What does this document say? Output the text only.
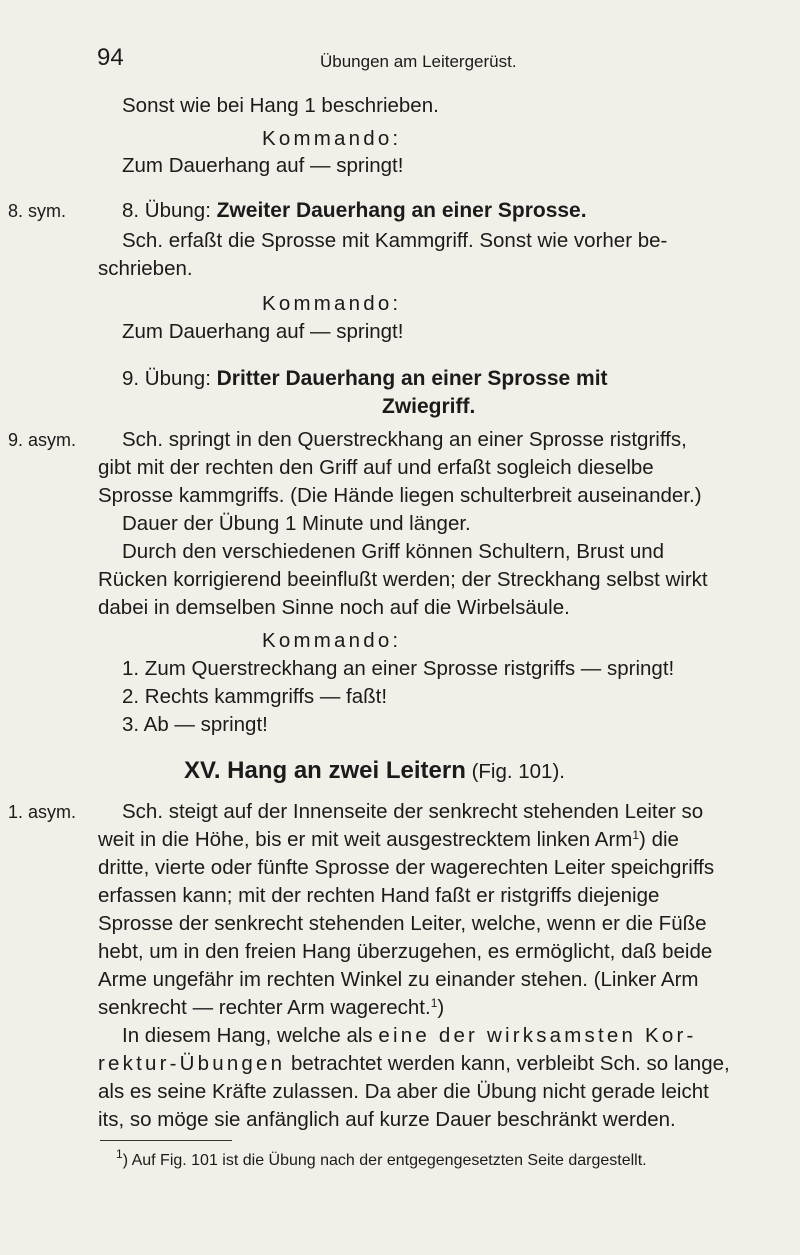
94	Übungen am Leitergerüst.
Sonst wie bei Hang 1 beschrieben.
Kommando:
Zum Dauerhang auf — springt!
8. sym.	8. Übung: Zweiter Dauerhang an einer Sprosse.
Sch. erfaßt die Sprosse mit Kammgriff. Sonst wie vorher be-
schrieben.
Kommando:
Zum Dauerhang auf — springt!
9. Übung: Dritter Dauerhang an einer Sprosse mit
Zwiegriff.
9. asym. Sch. springt in den Querstreckhang an einer Sprosse ristgriffs,
gibt mit der rechten den Griff auf und erfaßt sogleich dieselbe
Sprosse kammgriffs. (Die Hände liegen schulterbreit auseinander.)
Dauer der Übung 1 Minute und länger.
Durch den verschiedenen Griff können Schultern, Brust und
Rücken korrigierend beeinflußt werden; der Streckhang selbst wirkt
dabei in demselben Sinne noch auf die Wirbelsäule.
Kommando:
1. Zum Querstreckhang an einer Sprosse ristgriffs — springt!
2. Rechts kammgriffs — faßt!
3. Ab — springt!
XV. Hang an zwei Leitern (Fig. 101).
1. asym. Sch. steigt auf der Innenseite der senkrecht stehenden Leiter so
weit in die Höhe, bis er mit weit ausgestrecktem linken Arm$^1$) die
dritte, vierte oder fünfte Sprosse der wagerechten Leiter speichgriffs
erfassen kann; mit der rechten Hand faßt er ristgriffs diejenige
Sprosse der senkrecht stehenden Leiter, welche, wenn er die Füße
hebt, um in den freien Hang überzugehen, es ermöglicht, daß beide
Arme ungefähr im rechten Winkel zu einander stehen. (Linker Arm
senkrecht — rechter Arm wagerecht.$^1$)
In diesem Hang, welche als eine der wirksamsten Kor-
rektur-Übungen betrachtet werden kann, verbleibt Sch. so lange,
als es seine Kräfte zulassen. Da aber die Übung nicht gerade leicht
its, so möge sie anfänglich auf kurze Dauer beschränkt werden.
$^1$) Auf Fig. 101 ist die Übung nach der entgegengesetzten Seite dargestellt.
